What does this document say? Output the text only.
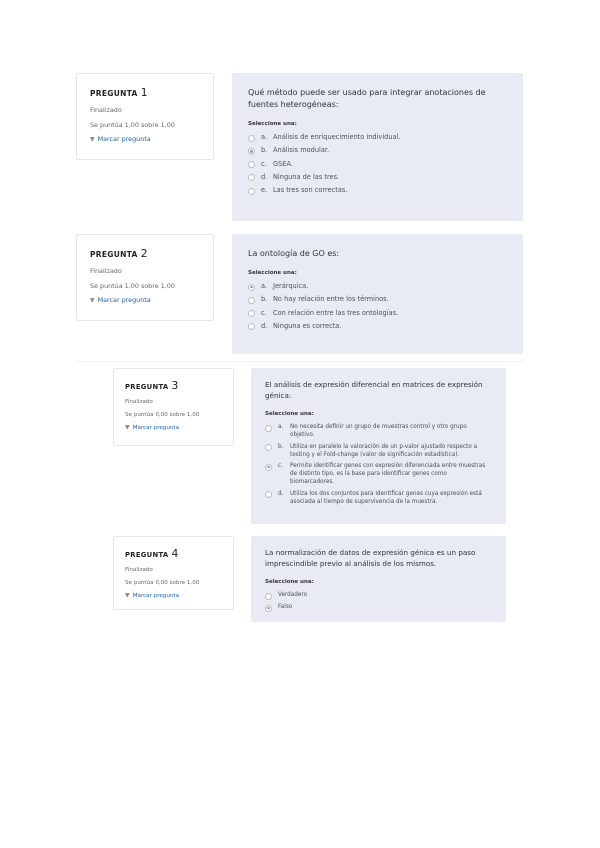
PREGUNTA 1
Finalizado
Se puntúa 1,00 sobre 1,00
▼ Marcar pregunta
Qué método puede ser usado para integrar anotaciones de fuentes heterogéneas:
Seleccione una:
a. Análisis de enriquecimiento individual.
b. Análisis modular.
c. GSEA.
d. Ninguna de las tres.
e. Las tres son correctas.
PREGUNTA 2
Finalizado
Se puntúa 1,00 sobre 1,00
▼ Marcar pregunta
La ontología de GO es:
Seleccione una:
a. Jerárquica.
b. No hay relación entre los términos.
c. Con relación entre las tres ontologías.
d. Ninguna es correcta.
PREGUNTA 3
Finalizado
Se puntúa 0,00 sobre 1,00
▼ Marcar pregunta
El análisis de expresión diferencial en matrices de expresión génica:
Seleccione una:
a.	No necesita definir un grupo de muestras control y otro grupo objetivo.
b.	Utiliza en paralelo la valoración de un p-valor ajustado respecto a testing y el Fold-change (valor de significación estadística).
c.	Permite identificar genes con expresión diferenciada entre muestras de distinto tipo, es la base para identificar genes como biomarcadores.
d.	Utiliza los dos conjuntos para identificar genes cuya expresión está asociada al tiempo de supervivencia de la muestra.
PREGUNTA 4
Finalizado
Se puntúa 0,00 sobre 1,00
▼ Marcar pregunta
La normalización de datos de expresión génica es un paso imprescindible previo al análisis de los mismos.
Seleccione una:
Verdadero
Falso
